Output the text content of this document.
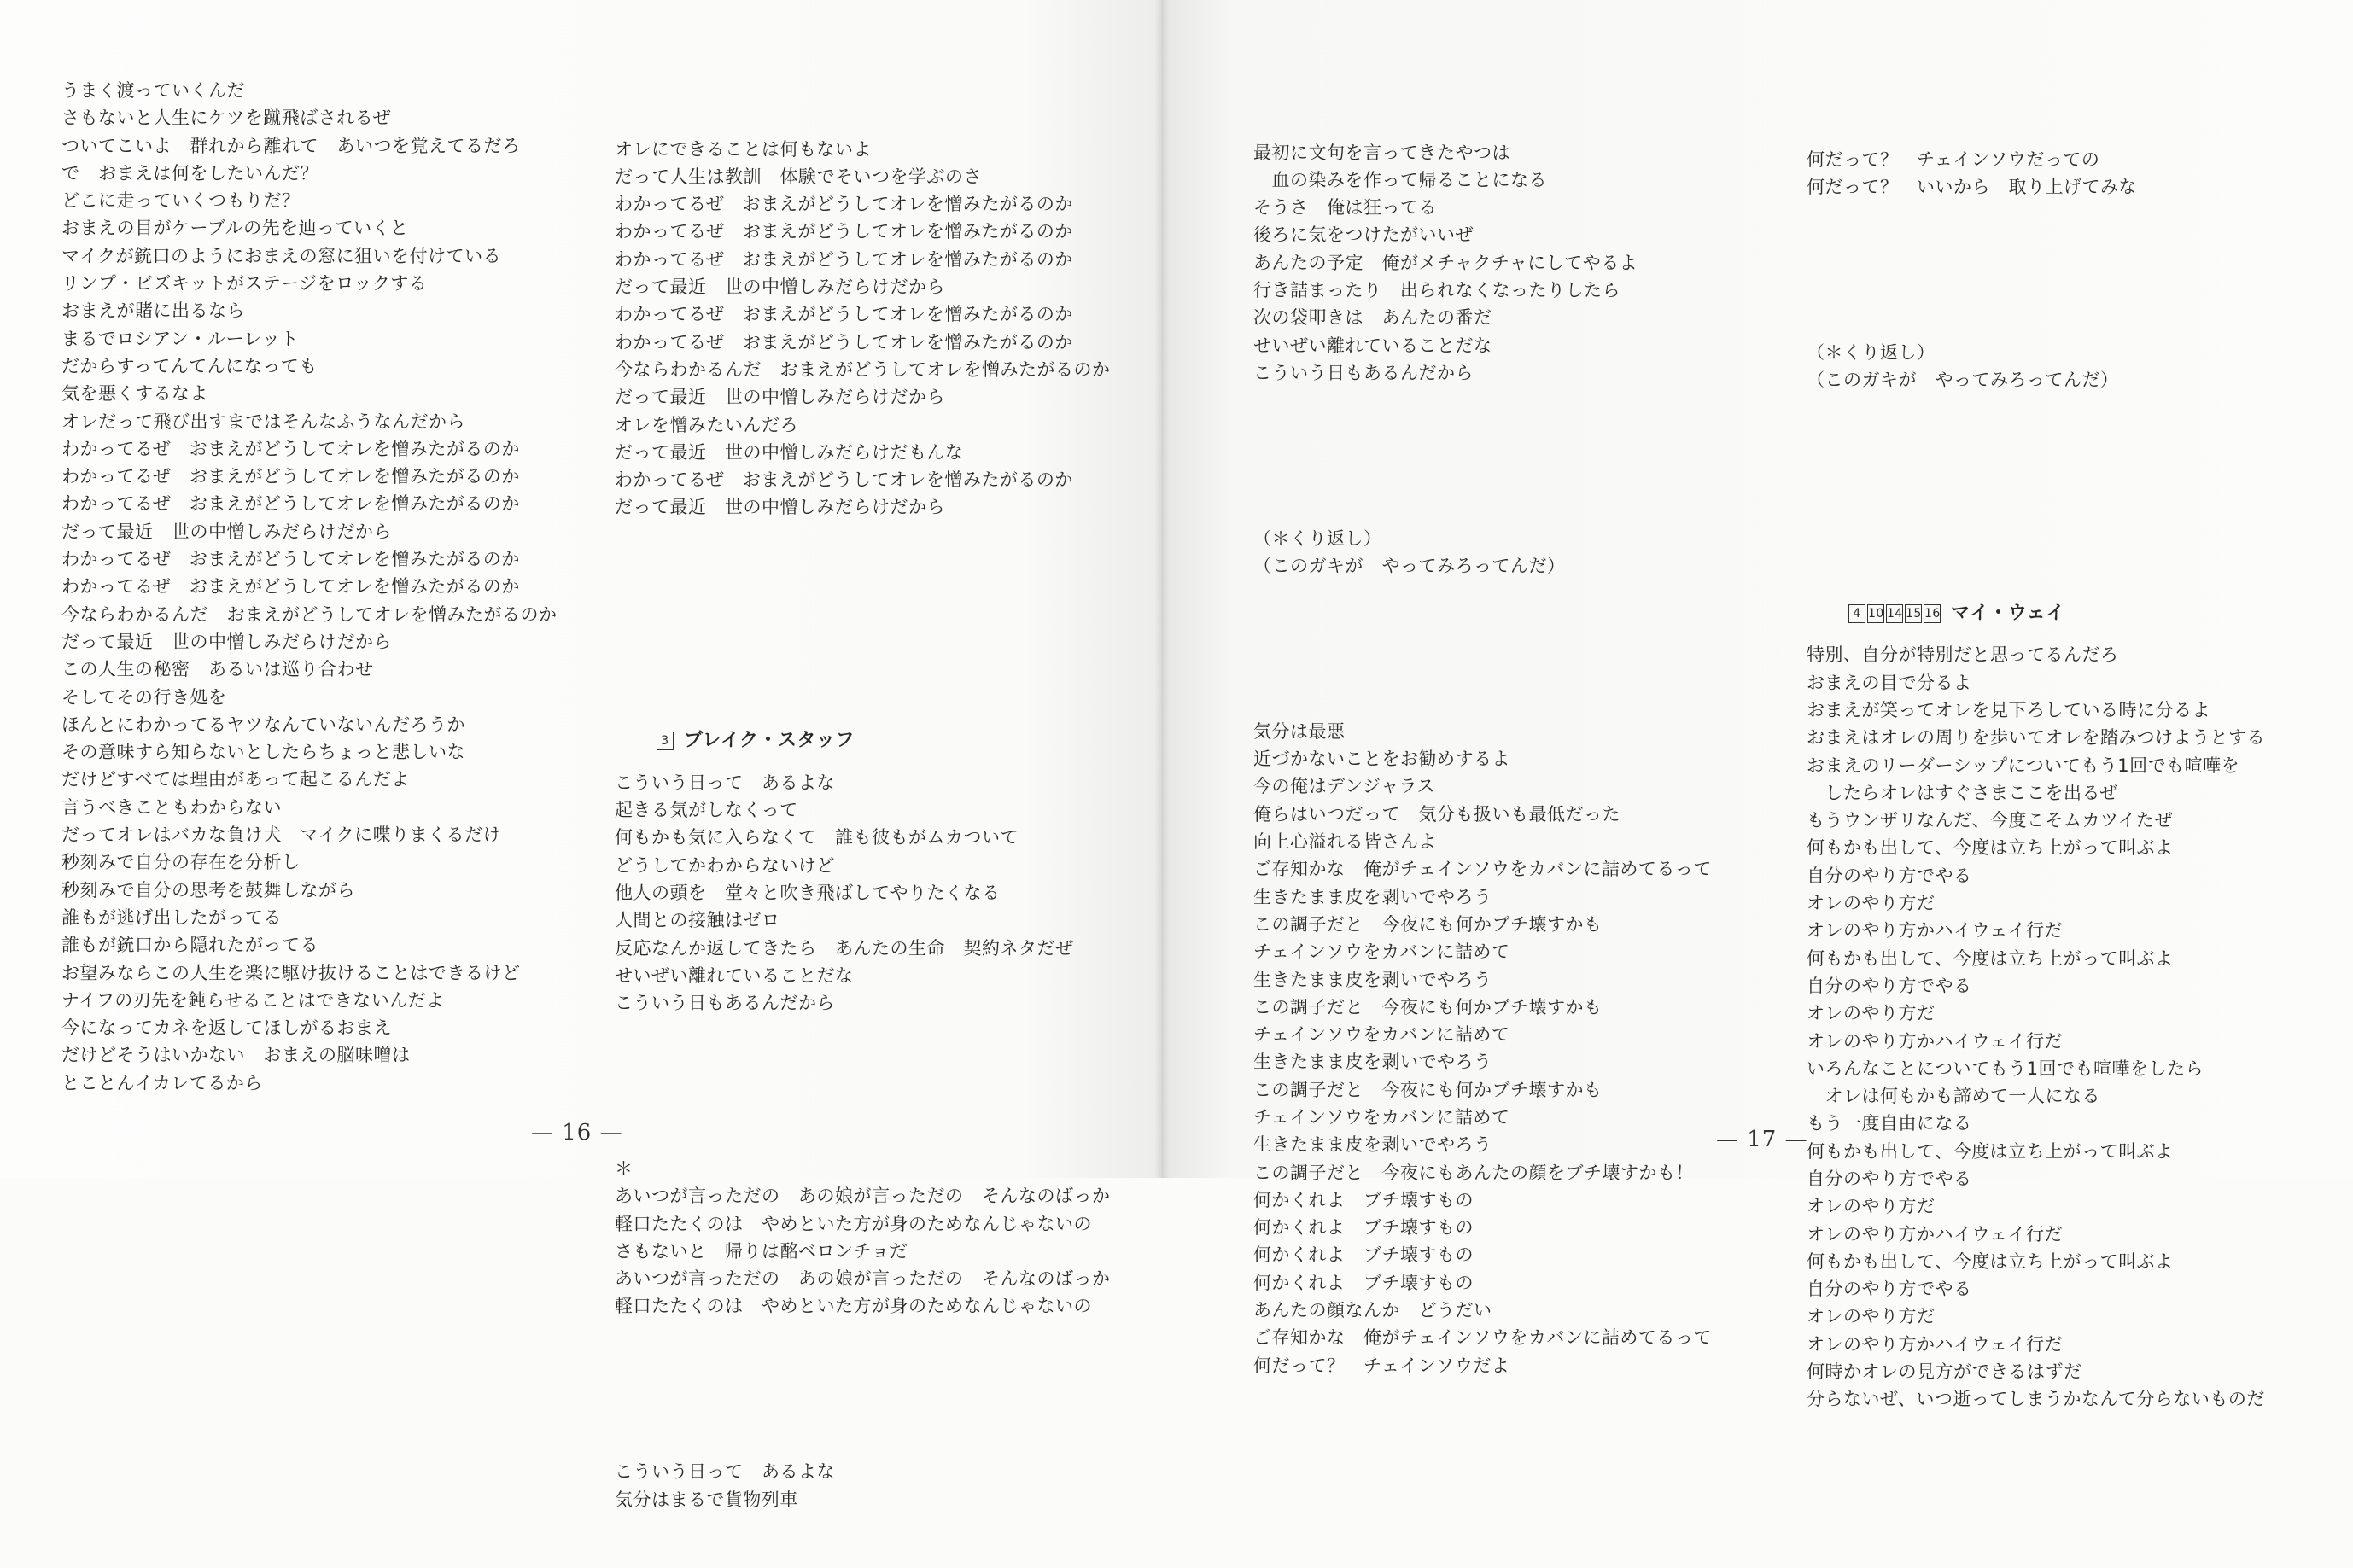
うまく渡っていくんだ
さもないと人生にケツを蹴飛ばされるぜ
ついてこいよ　群れから離れて　あいつを覚えてるだろ
で　おまえは何をしたいんだ？
どこに走っていくつもりだ？
おまえの目がケーブルの先を辿っていくと
マイクが銃口のようにおまえの窓に狙いを付けている
リンプ・ビズキットがステージをロックする
おまえが賭に出るなら
まるでロシアン・ルーレット
だからすってんてんになっても
気を悪くするなよ
オレだって飛び出すまではそんなふうなんだから
わかってるぜ　おまえがどうしてオレを憎みたがるのか
わかってるぜ　おまえがどうしてオレを憎みたがるのか
わかってるぜ　おまえがどうしてオレを憎みたがるのか
だって最近　世の中憎しみだらけだから
わかってるぜ　おまえがどうしてオレを憎みたがるのか
わかってるぜ　おまえがどうしてオレを憎みたがるのか
今ならわかるんだ　おまえがどうしてオレを憎みたがるのか
だって最近　世の中憎しみだらけだから
この人生の秘密　あるいは巡り合わせ
そしてその行き処を
ほんとにわかってるヤツなんていないんだろうか
その意味すら知らないとしたらちょっと悲しいな
だけどすべては理由があって起こるんだよ
言うべきこともわからない
だってオレはバカな負け犬　マイクに喋りまくるだけ
秒刻みで自分の存在を分析し
秒刻みで自分の思考を鼓舞しながら
誰もが逃げ出したがってる
誰もが銃口から隠れたがってる
お望みならこの人生を楽に駆け抜けることはできるけど
ナイフの刃先を鈍らせることはできないんだよ
今になってカネを返してほしがるおまえ
だけどそうはいかない　おまえの脳味噌は
とことんイカレてるから

オレにできることは何もないよ
だって人生は教訓　体験でそいつを学ぶのさ
わかってるぜ　おまえがどうしてオレを憎みたがるのか
わかってるぜ　おまえがどうしてオレを憎みたがるのか
わかってるぜ　おまえがどうしてオレを憎みたがるのか
だって最近　世の中憎しみだらけだから
わかってるぜ　おまえがどうしてオレを憎みたがるのか
わかってるぜ　おまえがどうしてオレを憎みたがるのか
今ならわかるんだ　おまえがどうしてオレを憎みたがるのか
だって最近　世の中憎しみだらけだから
オレを憎みたいんだろ
だって最近　世の中憎しみだらけだもんな
わかってるぜ　おまえがどうしてオレを憎みたがるのか
だって最近　世の中憎しみだらけだから

3 ブレイク・スタッフ

こういう日って　あるよな
起きる気がしなくって
何もかも気に入らなくて　誰も彼もがムカついて
どうしてかわからないけど
他人の頭を　堂々と吹き飛ばしてやりたくなる
人間との接触はゼロ
反応なんか返してきたら　あんたの生命　契約ネタだぜ
せいぜい離れていることだな
こういう日もあるんだから

＊
あいつが言っただの　あの娘が言っただの　そんなのばっか
軽口たたくのは　やめといた方が身のためなんじゃないの
さもないと　帰りは酩ベロンチョだ
あいつが言っただの　あの娘が言っただの　そんなのばっか
軽口たたくのは　やめといた方が身のためなんじゃないの

こういう日って　あるよな
気分はまるで貨物列車

最初に文句を言ってきたやつは
　血の染みを作って帰ることになる
そうさ　俺は狂ってる
後ろに気をつけたがいいぜ
あんたの予定　俺がメチャクチャにしてやるよ
行き詰まったり　出られなくなったりしたら
次の袋叩きは　あんたの番だ
せいぜい離れていることだな
こういう日もあるんだから

（＊くり返し）
（このガキが　やってみろってんだ）

気分は最悪
近づかないことをお勧めするよ
今の俺はデンジャラス
俺らはいつだって　気分も扱いも最低だった
向上心溢れる皆さんよ
ご存知かな　俺がチェインソウをカバンに詰めてるって
生きたまま皮を剥いでやろう
この調子だと　今夜にも何かブチ壊すかも
チェインソウをカバンに詰めて
生きたまま皮を剥いでやろう
この調子だと　今夜にも何かブチ壊すかも
チェインソウをカバンに詰めて
生きたまま皮を剥いでやろう
この調子だと　今夜にも何かブチ壊すかも
チェインソウをカバンに詰めて
生きたまま皮を剥いでやろう
この調子だと　今夜にもあんたの顔をブチ壊すかも！
何かくれよ　ブチ壊すもの
何かくれよ　ブチ壊すもの
何かくれよ　ブチ壊すもの
何かくれよ　ブチ壊すもの
あんたの顔なんか　どうだい
ご存知かな　俺がチェインソウをカバンに詰めてるって
何だって？　チェインソウだよ

何だって？　チェインソウだっての
何だって？　いいから　取り上げてみな

（＊くり返し）
（このガキが　やってみろってんだ）

4 10 14 15 16 マイ・ウェイ

特別、自分が特別だと思ってるんだろ
おまえの目で分るよ
おまえが笑ってオレを見下ろしている時に分るよ
おまえはオレの周りを歩いてオレを踏みつけようとする
おまえのリーダーシップについてもう1回でも喧嘩を
　したらオレはすぐさまここを出るぜ
もうウンザリなんだ、今度こそムカツイたぜ
何もかも出して、今度は立ち上がって叫ぶよ
自分のやり方でやる
オレのやり方だ
オレのやり方かハイウェイ行だ
何もかも出して、今度は立ち上がって叫ぶよ
自分のやり方でやる
オレのやり方だ
オレのやり方かハイウェイ行だ
いろんなことについてもう1回でも喧嘩をしたら
　オレは何もかも諦めて一人になる
もう一度自由になる
何もかも出して、今度は立ち上がって叫ぶよ
自分のやり方でやる
オレのやり方だ
オレのやり方かハイウェイ行だ
何もかも出して、今度は立ち上がって叫ぶよ
自分のやり方でやる
オレのやり方だ
オレのやり方かハイウェイ行だ
何時かオレの見方ができるはずだ
分らないぜ、いつ逝ってしまうかなんて分らないものだ

— 16 —	— 17 —
